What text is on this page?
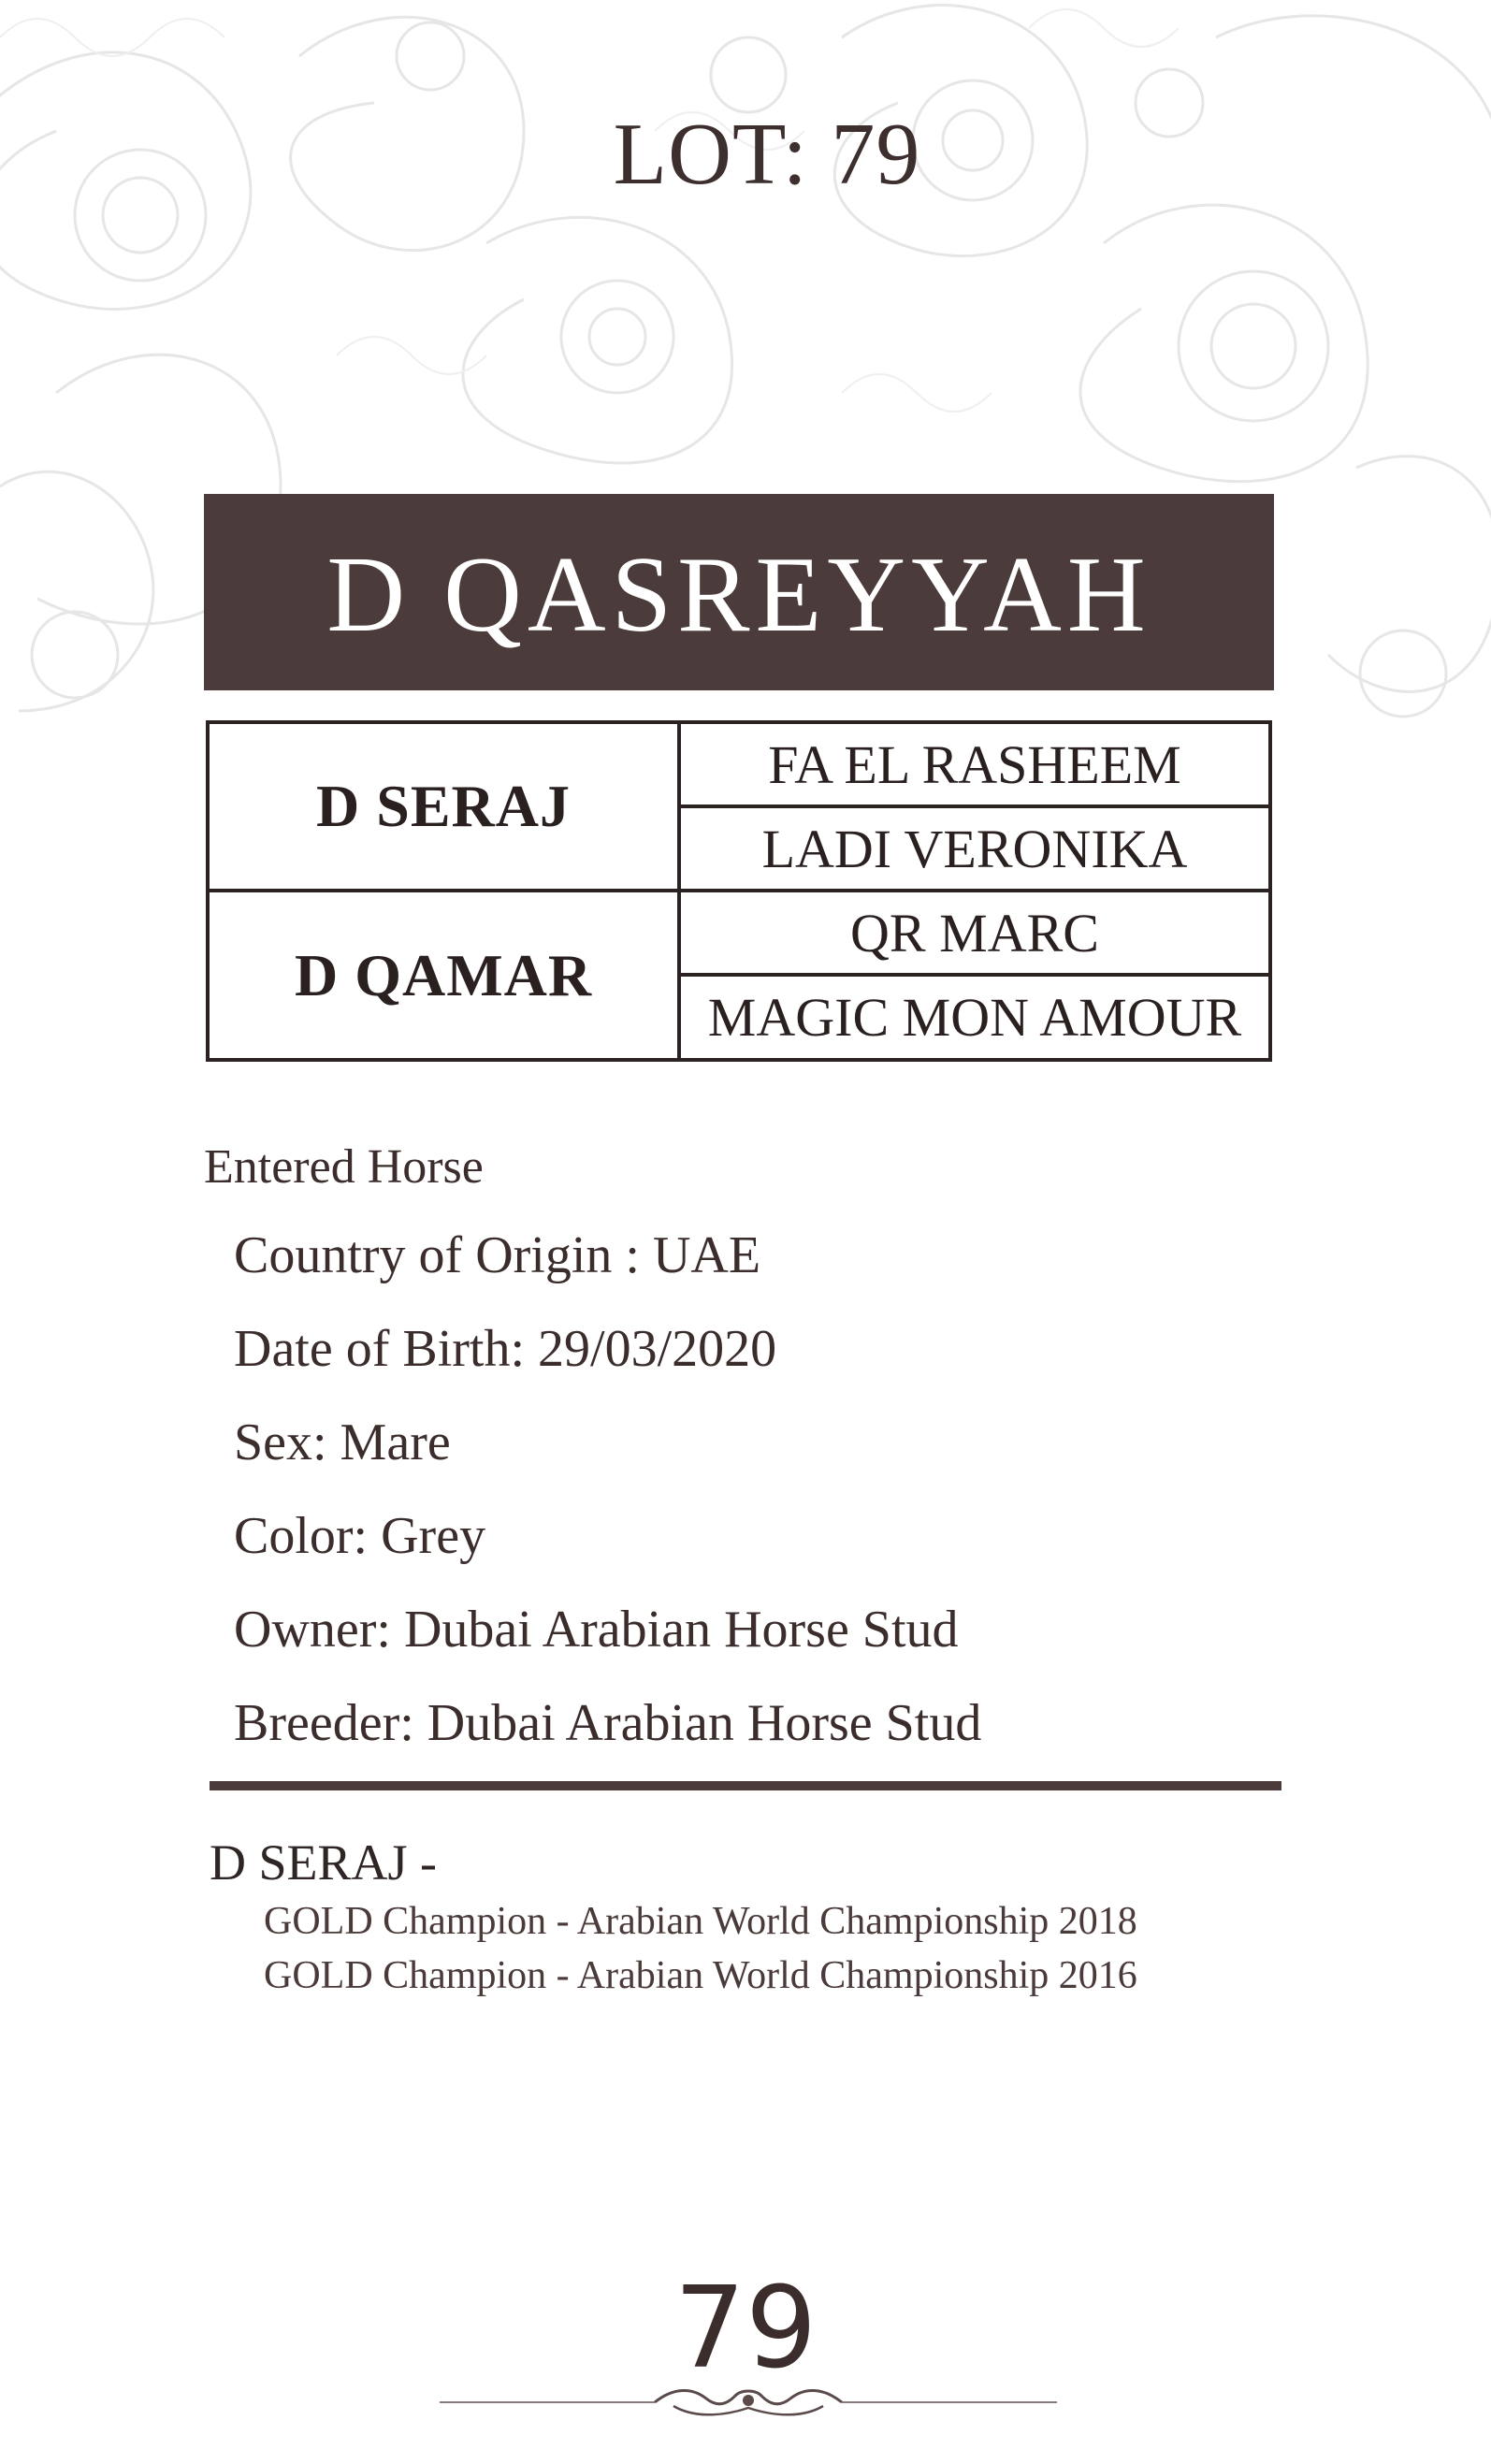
LOT: 79
D QASREYYAH
D SERAJ
D QAMAR
FA EL RASHEEM
LADI VERONIKA
QR MARC
MAGIC MON AMOUR
Entered Horse
Country of Origin : UAE
Date of Birth: 29/03/2020
Sex: Mare
Color: Grey
Owner: Dubai Arabian Horse Stud
Breeder: Dubai Arabian Horse Stud
D SERAJ -
GOLD Champion - Arabian World Championship 2018
GOLD Champion - Arabian World Championship 2016
79
